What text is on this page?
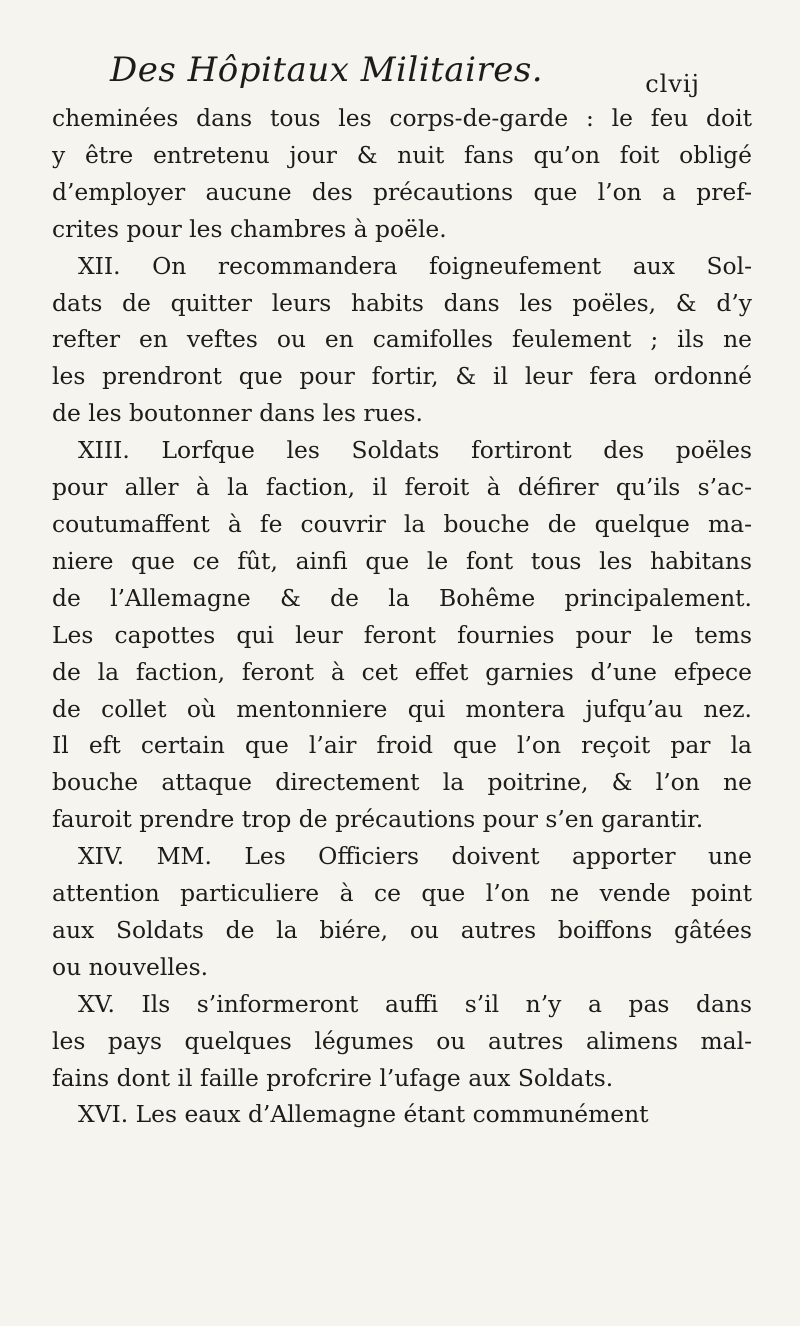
Des Hôpitaux Militaires.	clvij
cheminées dans tous les corps-de-garde : le feu doit
y être entretenu jour & nuit fans qu’on foit obligé
d’employer aucune des précautions que l’on a pref-
crites pour les chambres à poële.
XII. On recommandera foigneufement aux Sol-
dats de quitter leurs habits dans les poëles, & d’y
refter en veftes ou en camifolles feulement ; ils ne
les prendront que pour fortir, & il leur fera ordonné
de les boutonner dans les rues.
XIII. Lorfque les Soldats fortiront des poëles
pour aller à la faction, il feroit à défirer qu’ils s’ac-
coutumaffent à fe couvrir la bouche de quelque ma-
niere que ce fût, ainfi que le font tous les habitans
de l’Allemagne & de la Bohême principalement.
Les capottes qui leur feront fournies pour le tems
de la faction, feront à cet effet garnies d’une efpece
de collet où mentonniere qui montera jufqu’au nez.
Il eft certain que l’air froid que l’on reçoit par la
bouche attaque directement la poitrine, & l’on ne
fauroit prendre trop de précautions pour s’en garantir.
XIV. MM. Les Officiers doivent apporter une
attention particuliere à ce que l’on ne vende point
aux Soldats de la biére, ou autres boiffons gâtées
ou nouvelles.
XV. Ils s’informeront auffi s’il n’y a pas dans
les pays quelques légumes ou autres alimens mal-
fains dont il faille profcrire l’ufage aux Soldats.
XVI. Les eaux d’Allemagne étant communément
